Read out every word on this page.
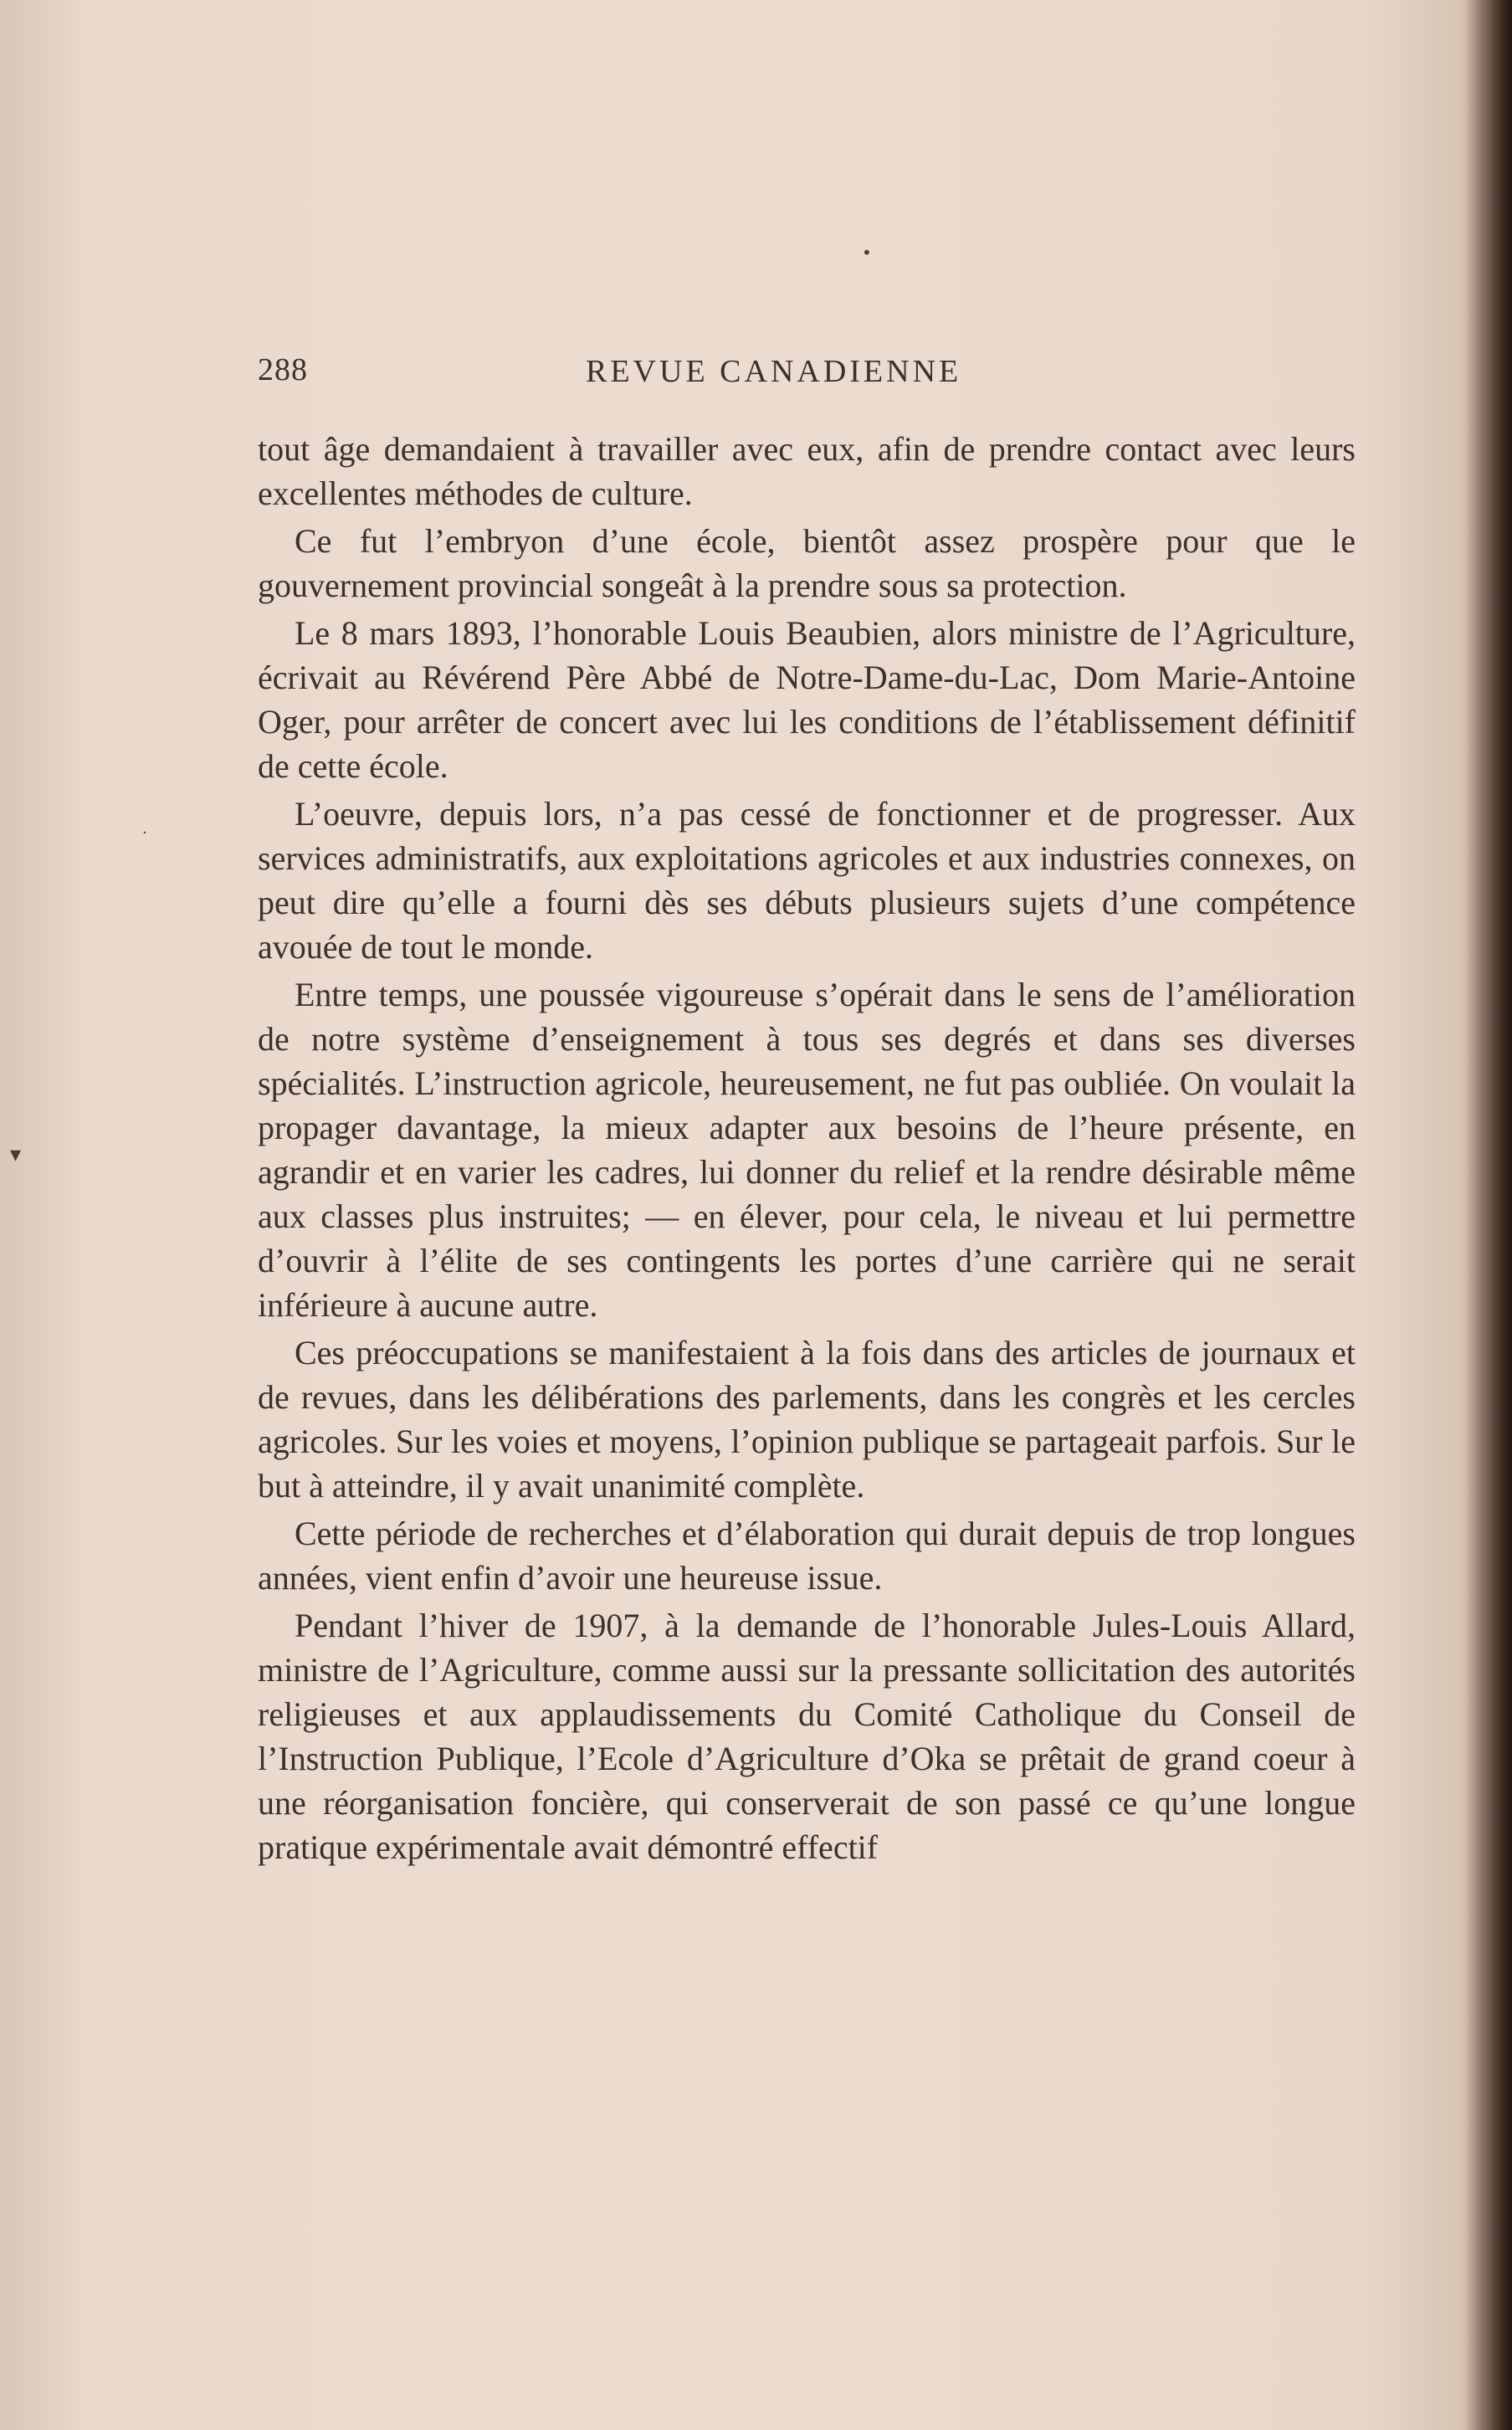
▾
·
•
288	REVUE CANADIENNE

tout âge demandaient à travailler avec eux, afin de prendre contact avec leurs excellentes méthodes de culture.

Ce fut l’embryon d’une école, bientôt assez prospère pour que le gouvernement provincial songeât à la prendre sous sa protection.

Le 8 mars 1893, l’honorable Louis Beaubien, alors ministre de l’Agriculture, écrivait au Révérend Père Abbé de Notre-Dame-du-Lac, Dom Marie-Antoine Oger, pour arrêter de concert avec lui les conditions de l’établissement définitif de cette école.

L’oeuvre, depuis lors, n’a pas cessé de fonctionner et de progresser. Aux services administratifs, aux exploitations agricoles et aux industries connexes, on peut dire qu’elle a fourni dès ses débuts plusieurs sujets d’une compétence avouée de tout le monde.

Entre temps, une poussée vigoureuse s’opérait dans le sens de l’amélioration de notre système d’enseignement à tous ses degrés et dans ses diverses spécialités. L’instruction agricole, heureusement, ne fut pas oubliée. On voulait la propager davantage, la mieux adapter aux besoins de l’heure présente, en agrandir et en varier les cadres, lui donner du relief et la rendre désirable même aux classes plus instruites; — en élever, pour cela, le niveau et lui permettre d’ouvrir à l’élite de ses contingents les portes d’une carrière qui ne serait inférieure à aucune autre.

Ces préoccupations se manifestaient à la fois dans des articles de journaux et de revues, dans les délibérations des parlements, dans les congrès et les cercles agricoles. Sur les voies et moyens, l’opinion publique se partageait parfois. Sur le but à atteindre, il y avait unanimité complète.

Cette période de recherches et d’élaboration qui durait depuis de trop longues années, vient enfin d’avoir une heureuse issue.

Pendant l’hiver de 1907, à la demande de l’honorable Jules-Louis Allard, ministre de l’Agriculture, comme aussi sur la pressante sollicitation des autorités religieuses et aux applaudissements du Comité Catholique du Conseil de l’Instruction Publique, l’Ecole d’Agriculture d’Oka se prêtait de grand coeur à une réorganisation foncière, qui conserverait de son passé ce qu’une longue pratique expérimentale avait démontré effectif
